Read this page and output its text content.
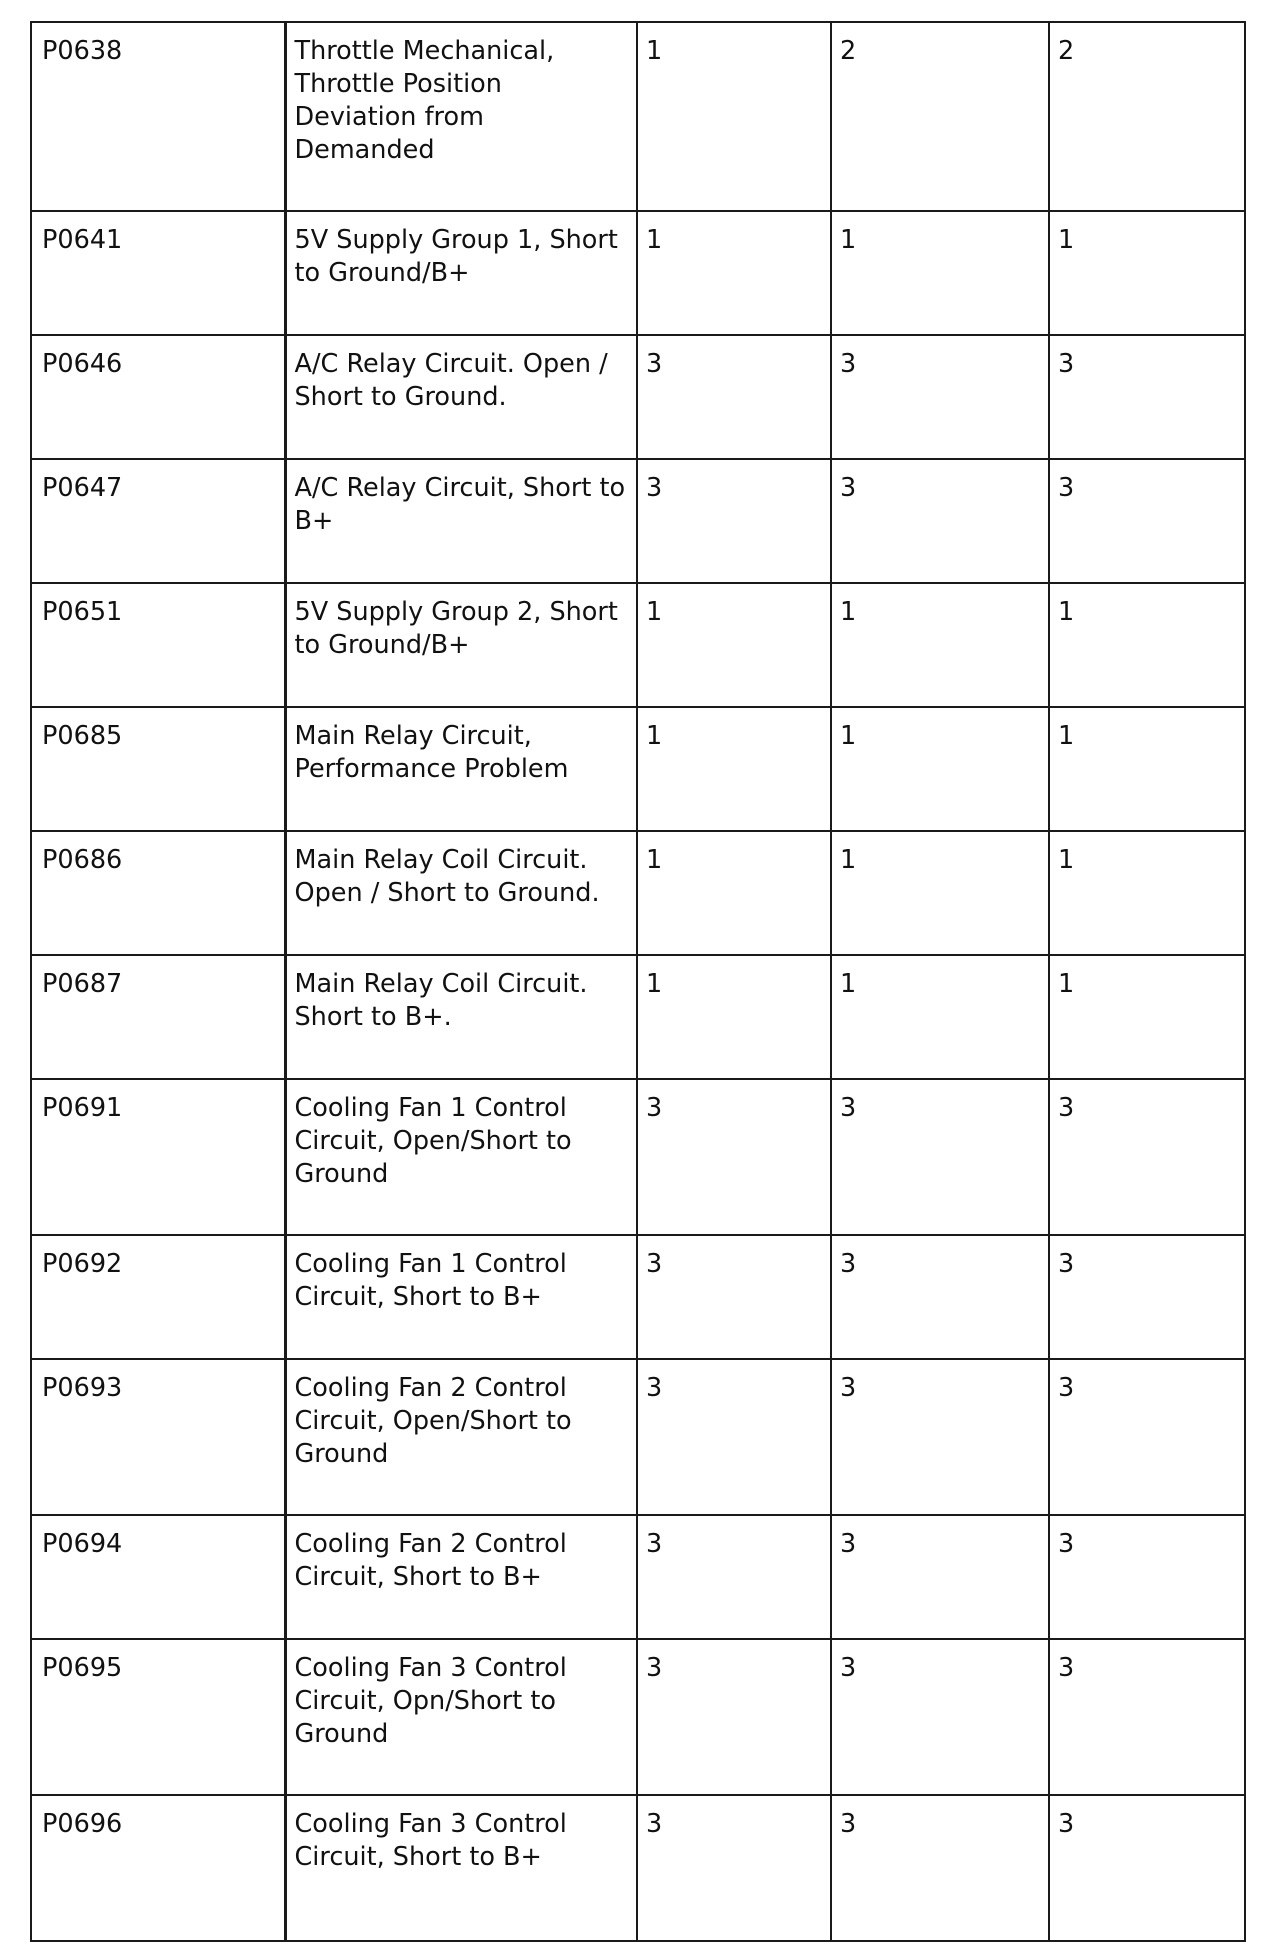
P0638	Throttle Mechanical, Throttle Position Deviation from Demanded	1	2	2
P0641	5V Supply Group 1, Short to Ground/B+	1	1	1
P0646	A/C Relay Circuit. Open / Short to Ground.	3	3	3
P0647	A/C Relay Circuit, Short to B+	3	3	3
P0651	5V Supply Group 2, Short to Ground/B+	1	1	1
P0685	Main Relay Circuit, Performance Problem	1	1	1
P0686	Main Relay Coil Circuit. Open / Short to Ground.	1	1	1
P0687	Main Relay Coil Circuit. Short to B+.	1	1	1
P0691	Cooling Fan 1 Control Circuit, Open/Short to Ground	3	3	3
P0692	Cooling Fan 1 Control Circuit, Short to B+	3	3	3
P0693	Cooling Fan 2 Control Circuit, Open/Short to Ground	3	3	3
P0694	Cooling Fan 2 Control Circuit, Short to B+	3	3	3
P0695	Cooling Fan 3 Control Circuit, Opn/Short to Ground	3	3	3
P0696	Cooling Fan 3 Control Circuit, Short to B+	3	3	3
